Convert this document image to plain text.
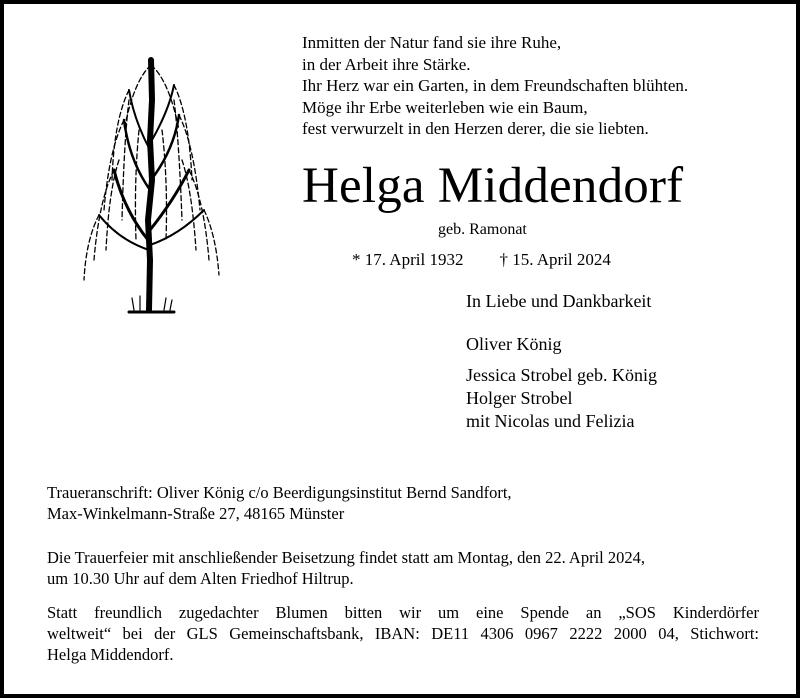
Inmitten der Natur fand sie ihre Ruhe,
in der Arbeit ihre Stärke.
Ihr Herz war ein Garten, in dem Freundschaften blühten.
Möge ihr Erbe weiterleben wie ein Baum,
fest verwurzelt in den Herzen derer, die sie liebten.
Helga Middendorf
geb. Ramonat
* 17. April 1932 † 15. April 2024
In Liebe und Dankbarkeit
Oliver König
Jessica Strobel geb. König
Holger Strobel
mit Nicolas und Felizia
Traueranschrift: Oliver König c/o Beerdigungsinstitut Bernd Sandfort,
Max-Winkelmann-Straße 27, 48165 Münster
Die Trauerfeier mit anschließender Beisetzung findet statt am Montag, den 22. April 2024,
um 10.30 Uhr auf dem Alten Friedhof Hiltrup.
Statt freundlich zugedachter Blumen bitten wir um eine Spende an „SOS Kinderdörfer
weltweit“ bei der GLS Gemeinschaftsbank, IBAN: DE11 4306 0967 2222 2000 04, Stichwort:
Helga Middendorf.
